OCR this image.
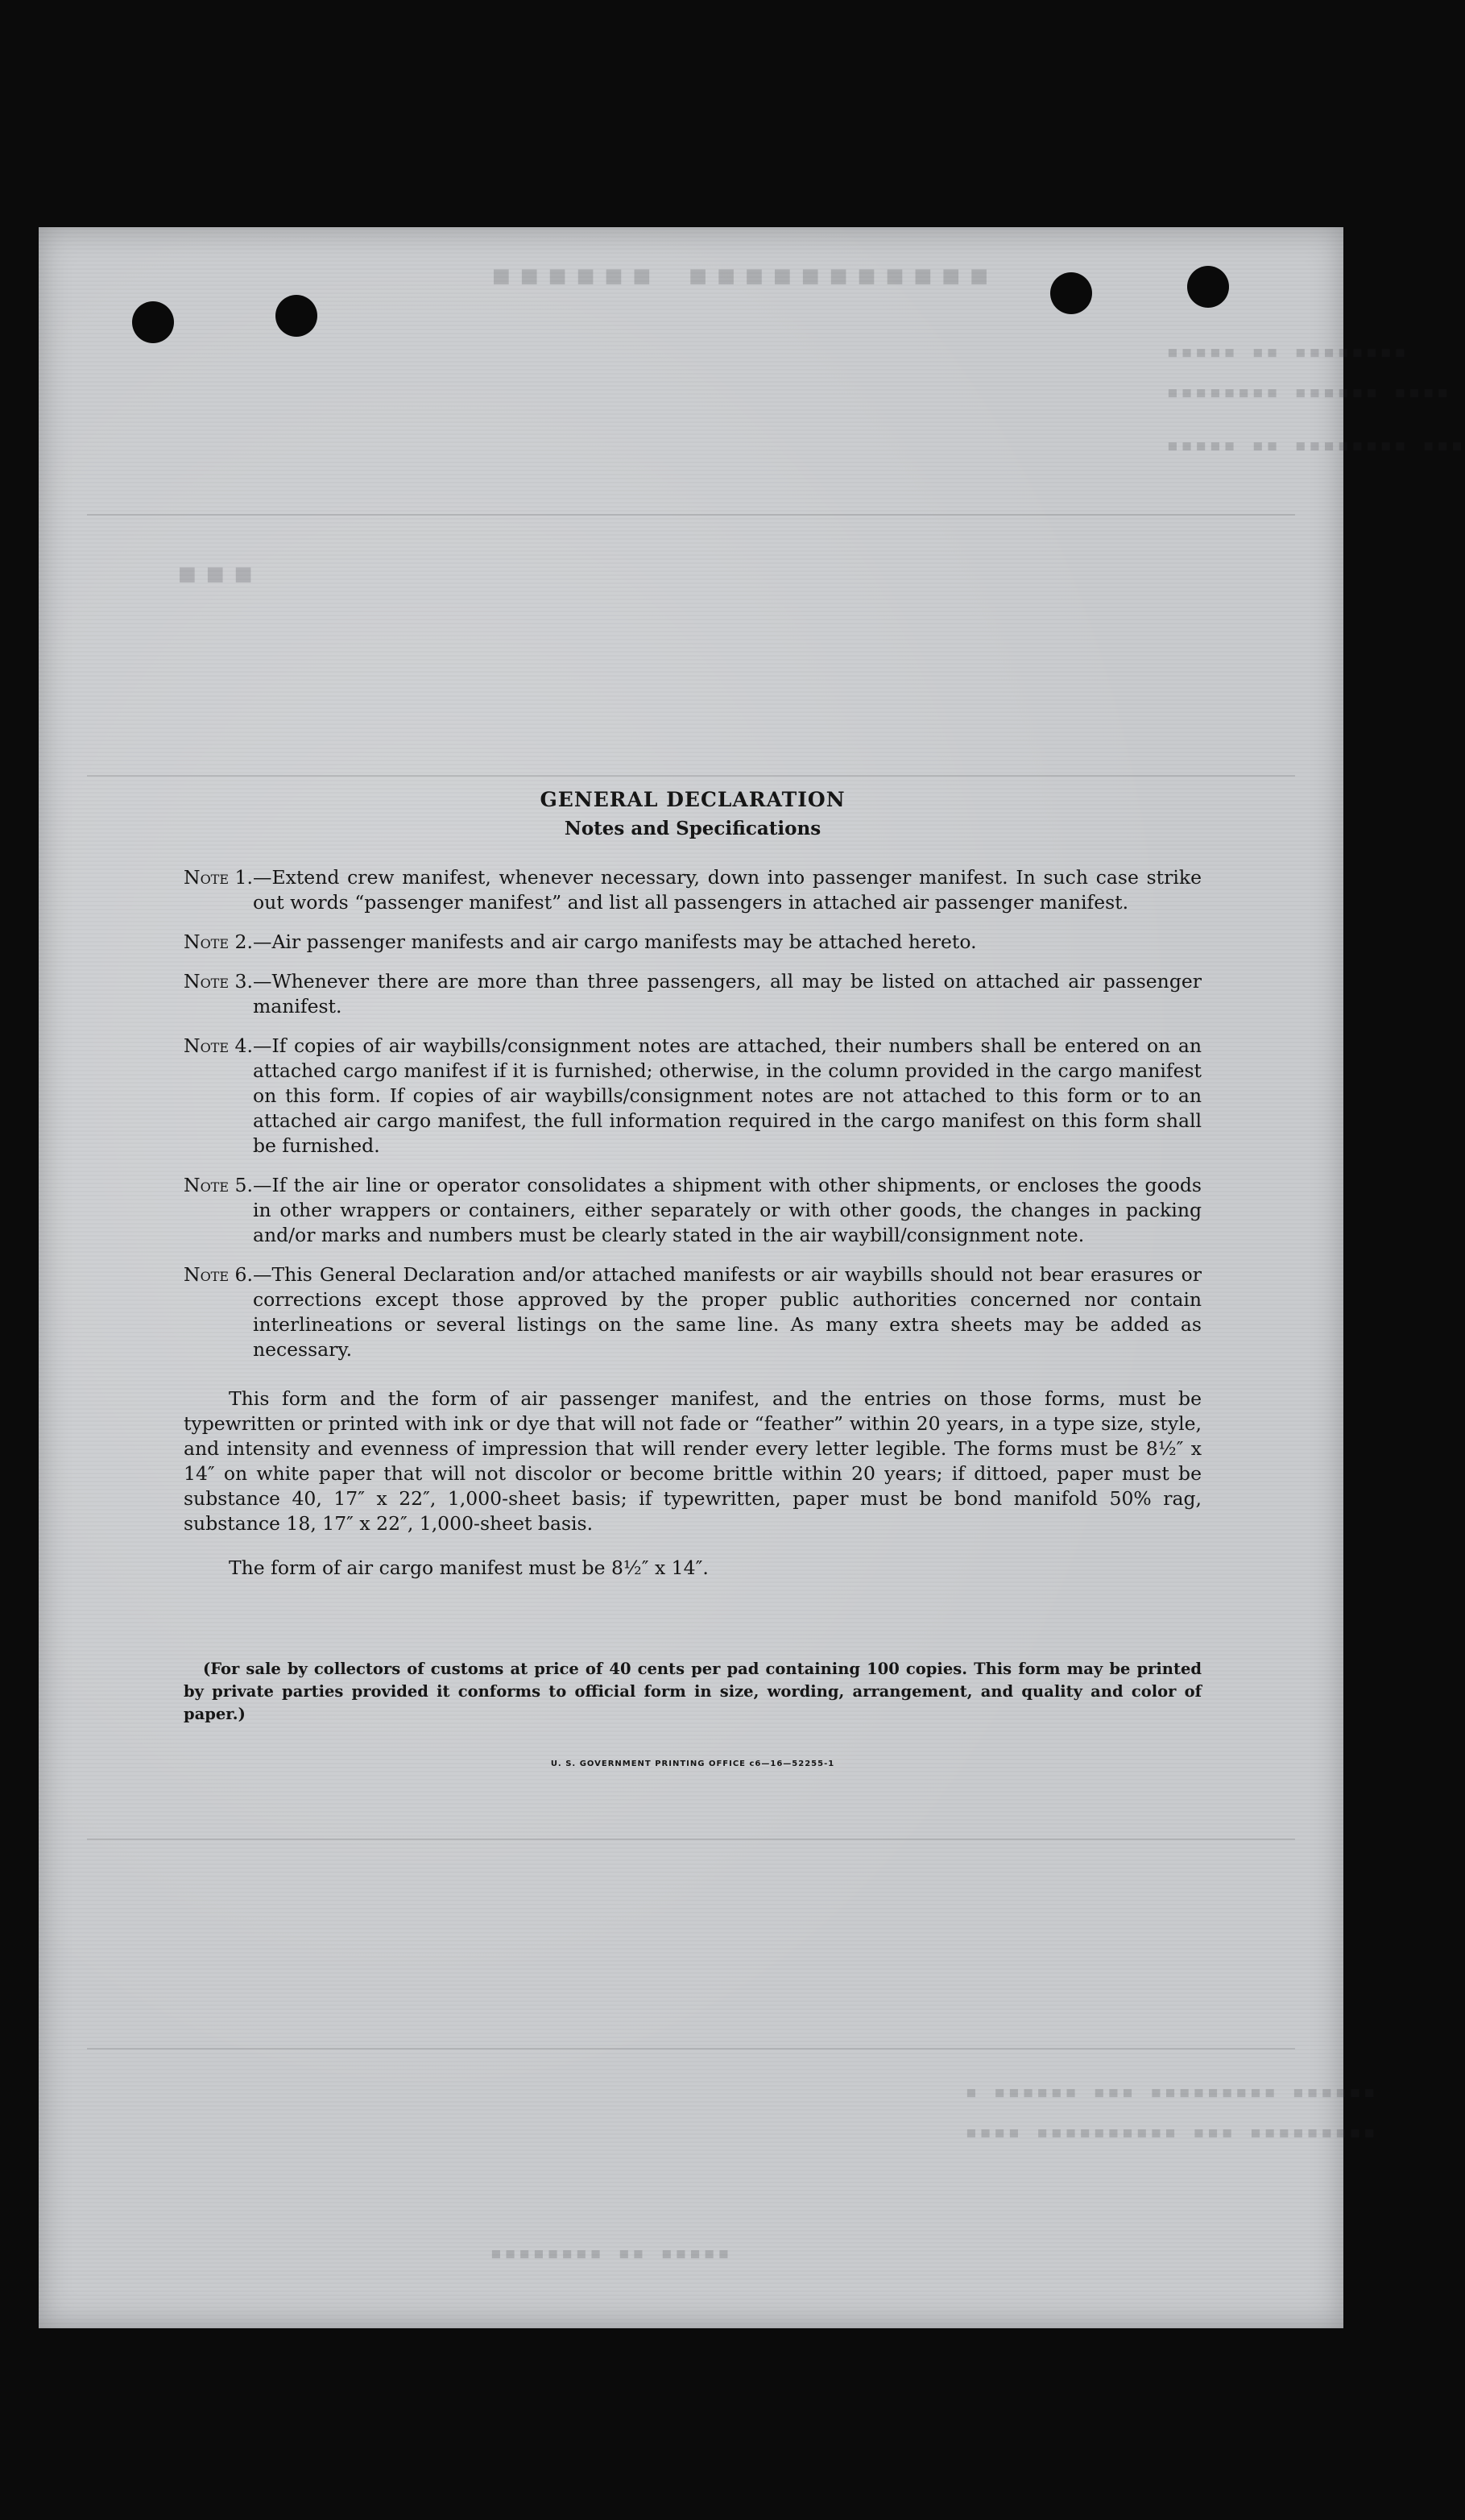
▪▪▪▪▪▪ ▪▪▪▪▪▪▪▪▪▪▪
▪▪▪▪▪ ▪▪ ▪▪▪▪▪▪▪▪
▪▪▪▪▪▪▪▪ ▪▪▪▪▪▪ ▪▪▪▪
▪▪▪▪▪ ▪▪ ▪▪▪▪▪▪▪▪ ▪▪▪
▪▪▪
▪ ▪▪▪▪▪▪ ▪▪▪ ▪▪▪▪▪▪▪▪▪ ▪▪▪▪▪▪
▪▪▪▪ ▪▪▪▪▪▪▪▪▪▪ ▪▪▪ ▪▪▪▪▪▪▪▪▪
▪▪▪▪▪▪▪▪ ▪▪ ▪▪▪▪▪

GENERAL DECLARATION

Notes and Specifications

Note 1. —Extend crew manifest, whenever necessary, down into passenger manifest. In such case strike out words “passenger manifest” and list all passengers in attached air passenger manifest.
Note 2. —Air passenger manifests and air cargo manifests may be attached hereto.
Note 3. —Whenever there are more than three passengers, all may be listed on attached air passenger manifest.
Note 4. —If copies of air waybills/consignment notes are attached, their numbers shall be entered on an attached cargo manifest if it is furnished; otherwise, in the column provided in the cargo manifest on this form. If copies of air waybills/consignment notes are not attached to this form or to an attached air cargo manifest, the full information required in the cargo manifest on this form shall be furnished.
Note 5. —If the air line or operator consolidates a shipment with other shipments, or encloses the goods in other wrappers or containers, either separately or with other goods, the changes in packing and/or marks and numbers must be clearly stated in the air waybill/consignment note.
Note 6. —This General Declaration and/or attached manifests or air waybills should not bear erasures or corrections except those approved by the proper public authorities concerned nor contain interlineations or several listings on the same line. As many extra sheets may be added as necessary.

This form and the form of air passenger manifest, and the entries on those forms, must be typewritten or printed with ink or dye that will not fade or “feather” within 20 years, in a type size, style, and intensity and evenness of impression that will render every letter legible. The forms must be 8½″ x 14″ on white paper that will not discolor or become brittle within 20 years; if dittoed, paper must be substance 40, 17″ x 22″, 1,000-sheet basis; if typewritten, paper must be bond manifold 50% rag, substance 18, 17″ x 22″, 1,000-sheet basis.

The form of air cargo manifest must be 8½″ x 14″.

(For sale by collectors of customs at price of 40 cents per pad containing 100 copies. This form may be printed by private parties provided it conforms to official form in size, wording, arrangement, and quality and color of paper.)

U. S. GOVERNMENT PRINTING OFFICE c6—16—52255-1
